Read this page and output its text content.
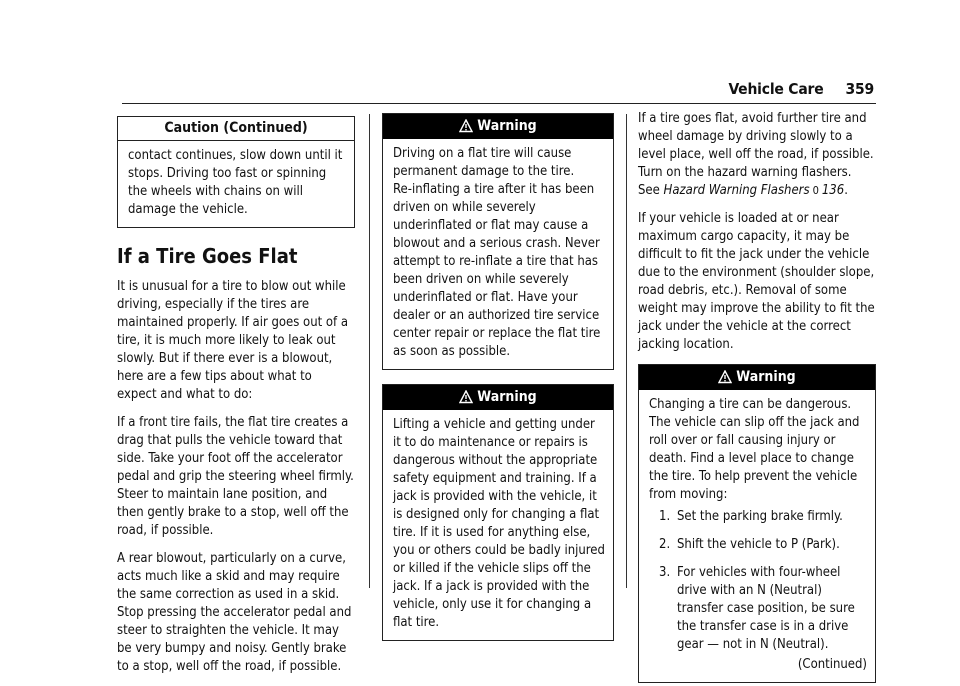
Vehicle Care 359
Caution (Continued)
contact continues, slow down until it stops. Driving too fast or spinning the wheels with chains on will damage the vehicle.
If a Tire Goes Flat

It is unusual for a tire to blow out while driving, especially if the tires are maintained properly. If air goes out of a tire, it is much more likely to leak out slowly. But if there ever is a blowout, here are a few tips about what to expect and what to do:

If a front tire fails, the flat tire creates a drag that pulls the vehicle toward that side. Take your foot off the accelerator pedal and grip the steering wheel firmly. Steer to maintain lane position, and then gently brake to a stop, well off the road, if possible.

A rear blowout, particularly on a curve, acts much like a skid and may require the same correction as used in a skid. Stop pressing the accelerator pedal and steer to straighten the vehicle. It may be very bumpy and noisy. Gently brake to a stop, well off the road, if possible.

Warning
Driving on a flat tire will cause permanent damage to the tire.
Re-inflating a tire after it has been driven on while severely underinflated or flat may cause a blowout and a serious crash. Never attempt to re-inflate a tire that has been driven on while severely underinflated or flat. Have your dealer or an authorized tire service center repair or replace the flat tire as soon as possible.
Warning
Lifting a vehicle and getting under it to do maintenance or repairs is dangerous without the appropriate safety equipment and training. If a jack is provided with the vehicle, it is designed only for changing a flat tire. If it is used for anything else, you or others could be badly injured or killed if the vehicle slips off the jack. If a jack is provided with the vehicle, only use it for changing a flat tire.

If a tire goes flat, avoid further tire and wheel damage by driving slowly to a level place, well off the road, if possible. Turn on the hazard warning flashers. See Hazard Warning Flashers 0 136.

If your vehicle is loaded at or near maximum cargo capacity, it may be difficult to fit the jack under the vehicle due to the environment (shoulder slope, road debris, etc.). Removal of some weight may improve the ability to fit the jack under the vehicle at the correct jacking location.

Warning
Changing a tire can be dangerous. The vehicle can slip off the jack and roll over or fall causing injury or death. Find a level place to change the tire. To help prevent the vehicle from moving:
1. Set the parking brake firmly.
2. Shift the vehicle to P (Park).
3. For vehicles with four-wheel drive with an N (Neutral) transfer case position, be sure the transfer case is in a drive gear — not in N (Neutral).
(Continued)
